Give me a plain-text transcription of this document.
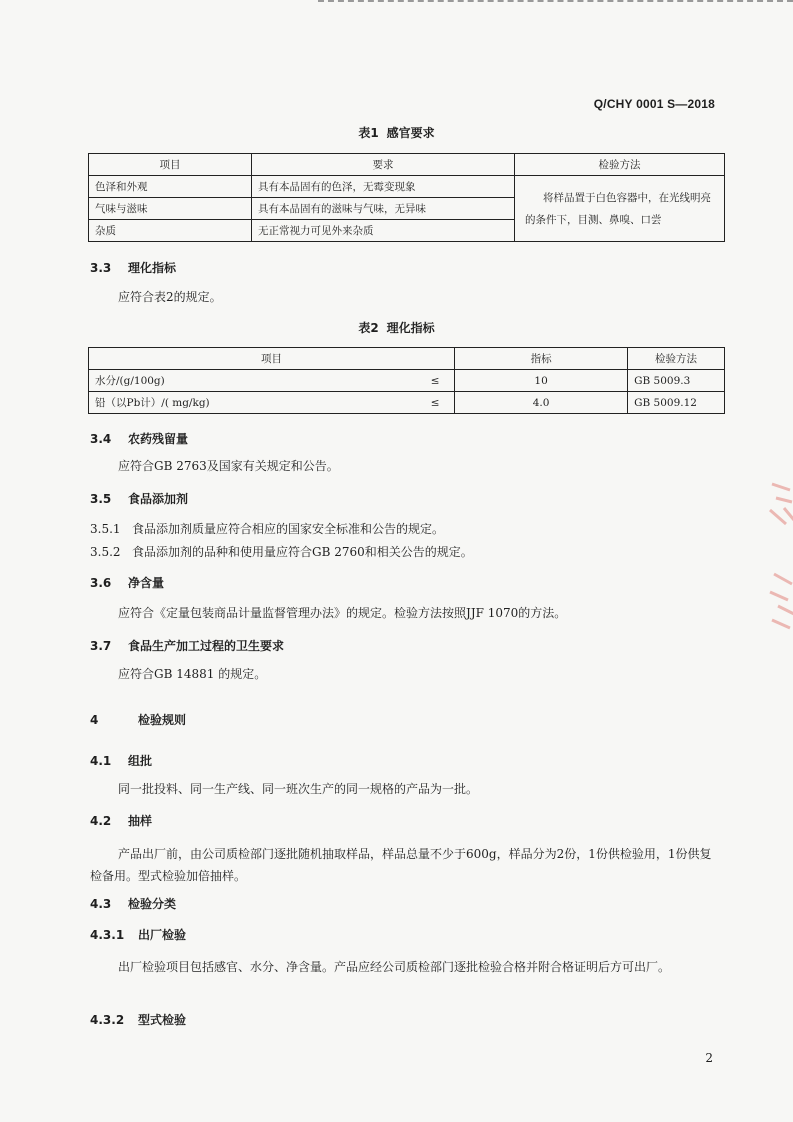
Q/CHY 0001 S—2018
表1 感官要求
项目	要求	检验方法
色泽和外观	具有本品固有的色泽，无霉变现象	将样品置于白色容器中，在光线明亮
的条件下，目测、鼻嗅、口尝

气味与滋味	具有本品固有的滋味与气味，无异味	
杂质	无正常视力可见外来杂质	
3.3 理化指标
应符合表2的规定。
表2 理化指标
项目		指标	检验方法
水分/(g/100g)	≤	10	GB 5009.3
铅（以Pb计）/( mg/kg)	≤	4.0	GB 5009.12
3.4 农药残留量
应符合GB 2763及国家有关规定和公告。
3.5 食品添加剂
3.5.1 食品添加剂质量应符合相应的国家安全标准和公告的规定。
3.5.2 食品添加剂的品种和使用量应符合GB 2760和相关公告的规定。
3.6 净含量
应符合《定量包装商品计量监督管理办法》的规定。检验方法按照JJF 1070的方法。
3.7 食品生产加工过程的卫生要求
应符合GB 14881 的规定。
4	检验规则
4.1 组批
同一批投料、同一生产线、同一班次生产的同一规格的产品为一批。
4.2 抽样
产品出厂前，由公司质检部门逐批随机抽取样品，样品总量不少于600g，样品分为2份，1份供检验用，1份供复检备用。型式检验加倍抽样。
4.3 检验分类
4.3.1 出厂检验
出厂检验项目包括感官、水分、净含量。产品应经公司质检部门逐批检验合格并附合格证明后方可出厂。
4.3.2 型式检验
2
